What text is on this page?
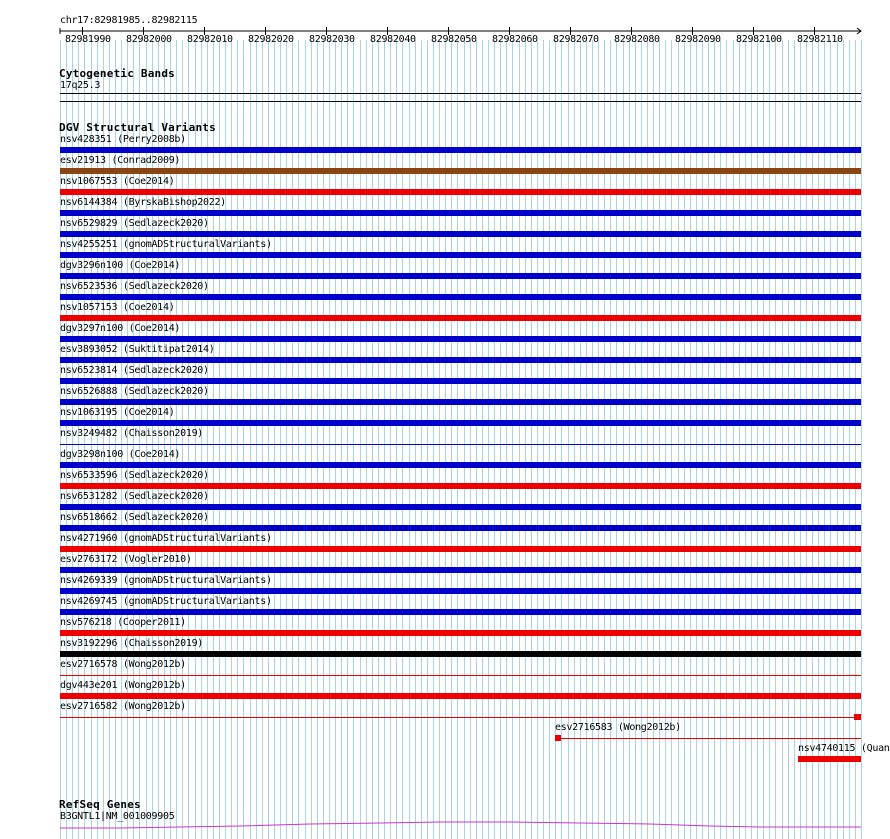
chr17:82981985..82982115
82981990 82982000 82982010 82982020 82982030 82982040 82982050 82982060 82982070 82982080 82982090 82982100 82982110
Cytogenetic Bands
17q25.3
DGV Structural Variants
nsv428351 (Perry2008b)
esv21913 (Conrad2009)
nsv1067553 (Coe2014)
nsv6144384 (ByrskaBishop2022)
nsv6529829 (Sedlazeck2020)
nsv4255251 (gnomADStructuralVariants)
dgv3296n100 (Coe2014)
nsv6523536 (Sedlazeck2020)
nsv1057153 (Coe2014)
dgv3297n100 (Coe2014)
esv3893052 (Suktitipat2014)
nsv6523814 (Sedlazeck2020)
nsv6526888 (Sedlazeck2020)
nsv1063195 (Coe2014)
nsv3249482 (Chaisson2019)
dgv3298n100 (Coe2014)
nsv6533596 (Sedlazeck2020)
nsv6531282 (Sedlazeck2020)
nsv6518662 (Sedlazeck2020)
nsv4271960 (gnomADStructuralVariants)
esv2763172 (Vogler2010)
nsv4269339 (gnomADStructuralVariants)
nsv4269745 (gnomADStructuralVariants)
nsv576218 (Cooper2011)
nsv3192296 (Chaisson2019)
esv2716578 (Wong2012b)
dgv443e201 (Wong2012b)
esv2716582 (Wong2012b)
esv2716583 (Wong2012b)
nsv4740115 (Quan
RefSeq Genes
B3GNTL1|NM_001009905
